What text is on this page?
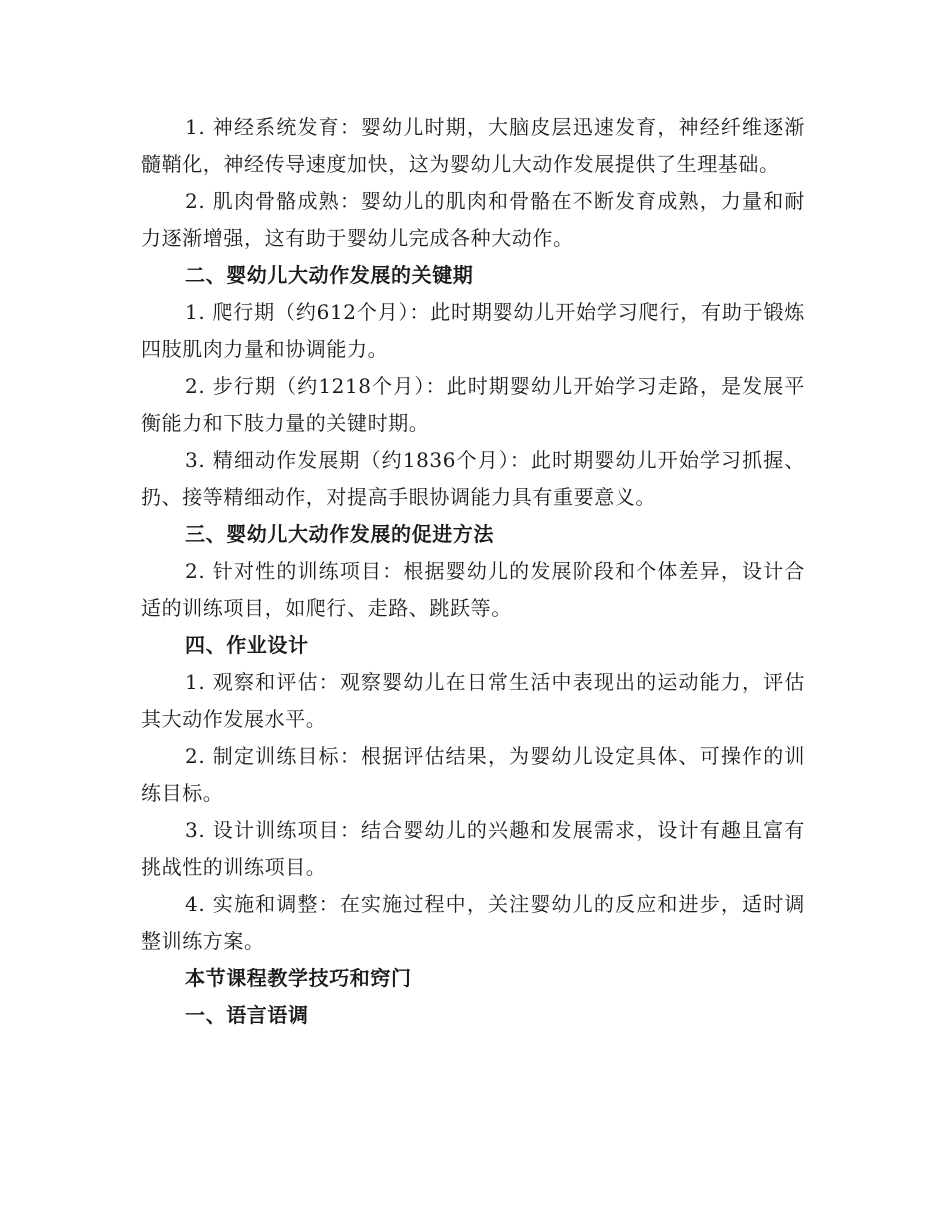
1. 神经系统发育：婴幼儿时期，大脑皮层迅速发育，神经纤维逐渐髓鞘化，神经传导速度加快，这为婴幼儿大动作发展提供了生理基础。

2. 肌肉骨骼成熟：婴幼儿的肌肉和骨骼在不断发育成熟，力量和耐力逐渐增强，这有助于婴幼儿完成各种大动作。

二、婴幼儿大动作发展的关键期

1. 爬行期（约612个月）：此时期婴幼儿开始学习爬行，有助于锻炼四肢肌肉力量和协调能力。

2. 步行期（约1218个月）：此时期婴幼儿开始学习走路，是发展平衡能力和下肢力量的关键时期。

3. 精细动作发展期（约1836个月）：此时期婴幼儿开始学习抓握、扔、接等精细动作，对提高手眼协调能力具有重要意义。

三、婴幼儿大动作发展的促进方法

2. 针对性的训练项目：根据婴幼儿的发展阶段和个体差异，设计合适的训练项目，如爬行、走路、跳跃等。

四、作业设计

1. 观察和评估：观察婴幼儿在日常生活中表现出的运动能力，评估其大动作发展水平。

2. 制定训练目标：根据评估结果，为婴幼儿设定具体、可操作的训练目标。

3. 设计训练项目：结合婴幼儿的兴趣和发展需求，设计有趣且富有挑战性的训练项目。

4. 实施和调整：在实施过程中，关注婴幼儿的反应和进步，适时调整训练方案。

本节课程教学技巧和窍门

一、语言语调
